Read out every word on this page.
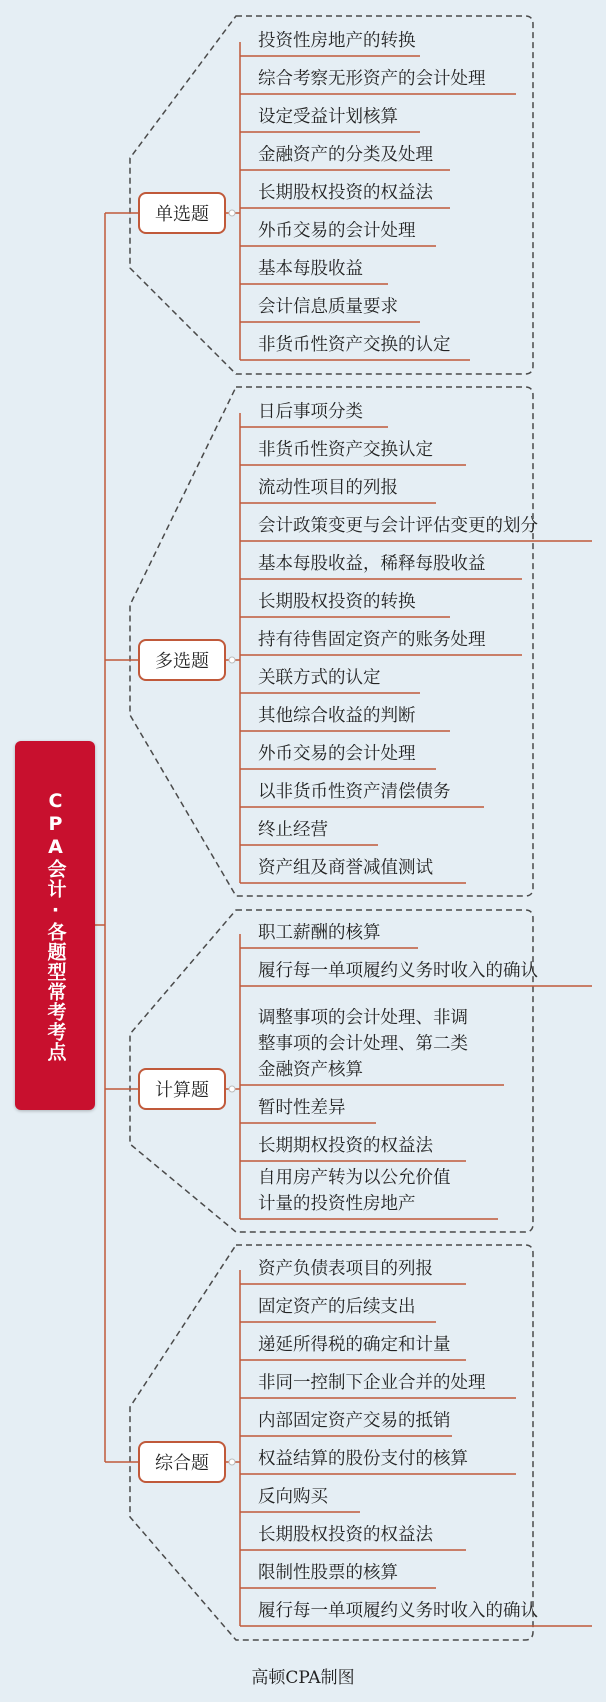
CPA会计·各题型常考考点
单选题
投资性房地产的转换
综合考察无形资产的会计处理
设定受益计划核算
金融资产的分类及处理
长期股权投资的权益法
外币交易的会计处理
基本每股收益
会计信息质量要求
非货币性资产交换的认定
多选题
日后事项分类
非货币性资产交换认定
流动性项目的列报
会计政策变更与会计评估变更的划分
基本每股收益，稀释每股收益
长期股权投资的转换
持有待售固定资产的账务处理
关联方式的认定
其他综合收益的判断
外币交易的会计处理
以非货币性资产清偿债务
终止经营
资产组及商誉减值测试
计算题
职工薪酬的核算
履行每一单项履约义务时收入的确认
调整事项的会计处理、非调
整事项的会计处理、第二类
金融资产核算
暂时性差异
长期期权投资的权益法
自用房产转为以公允价值
计量的投资性房地产
综合题
资产负债表项目的列报
固定资产的后续支出
递延所得税的确定和计量
非同一控制下企业合并的处理
内部固定资产交易的抵销
权益结算的股份支付的核算
反向购买
长期股权投资的权益法
限制性股票的核算
履行每一单项履约义务时收入的确认
高顿CPA制图
